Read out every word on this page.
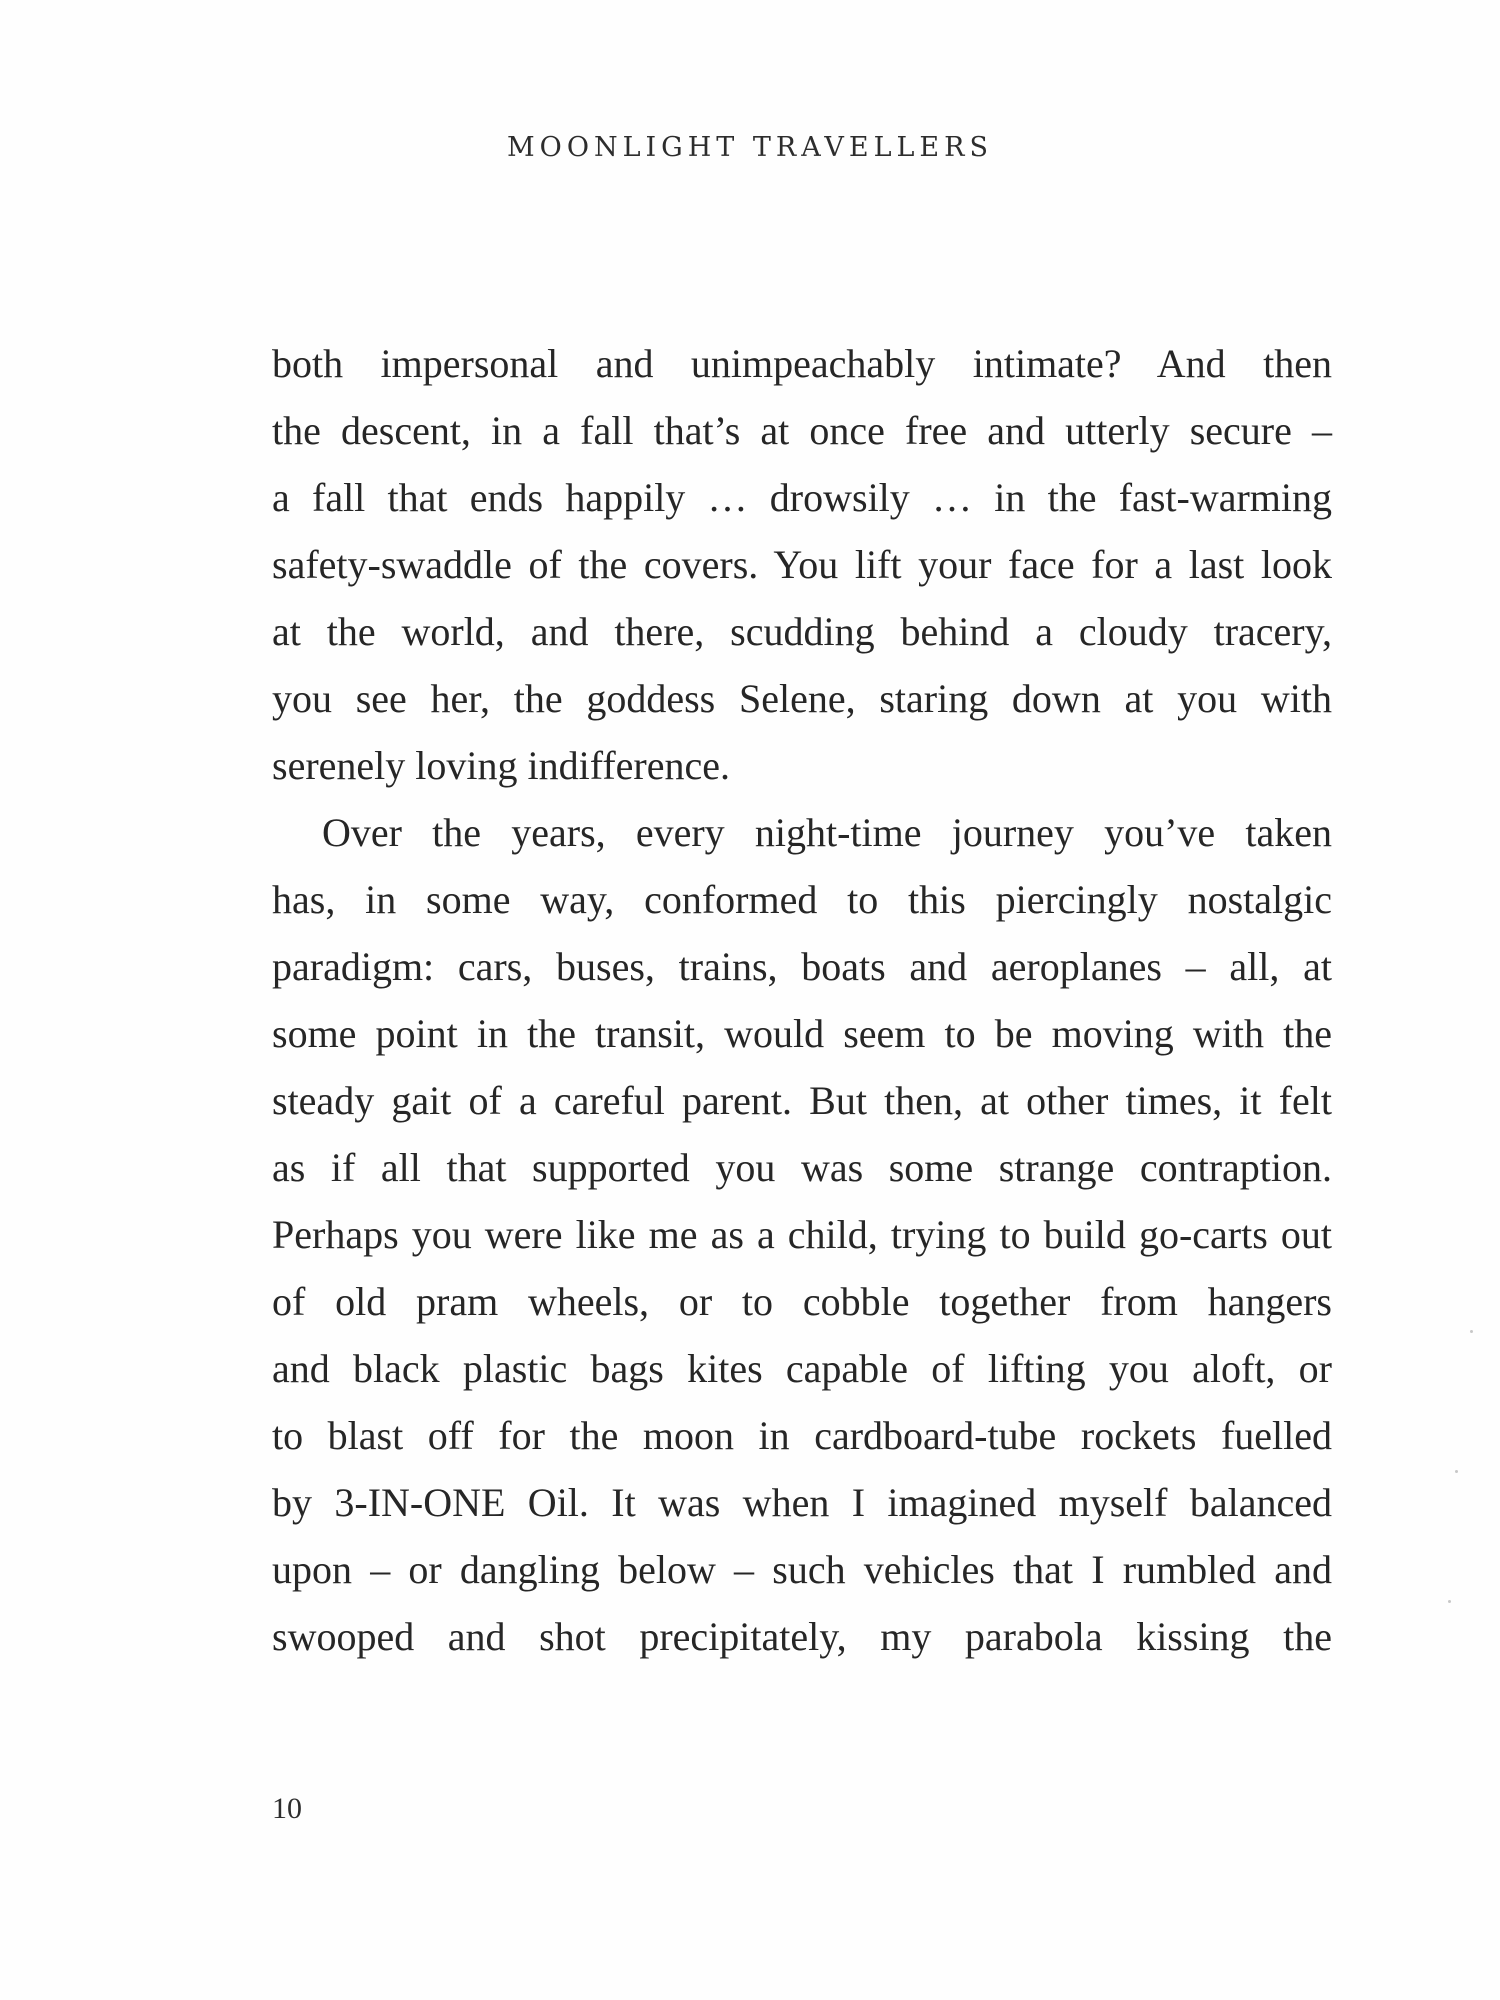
MOONLIGHT TRAVELLERS
both impersonal and unimpeachably intimate? And then
the descent, in a fall that’s at once free and utterly secure –
a fall that ends happily … drowsily … in the fast-warming
safety-swaddle of the covers. You lift your face for a last look
at the world, and there, scudding behind a cloudy tracery,
you see her, the goddess Selene, staring down at you with
serenely loving indifference.
Over the years, every night-time journey you’ve taken
has, in some way, conformed to this piercingly nostalgic
paradigm: cars, buses, trains, boats and aeroplanes – all, at
some point in the transit, would seem to be moving with the
steady gait of a careful parent. But then, at other times, it felt
as if all that supported you was some strange contraption.
Perhaps you were like me as a child, trying to build go-carts out
of old pram wheels, or to cobble together from hangers
and black plastic bags kites capable of lifting you aloft, or
to blast off for the moon in cardboard-tube rockets fuelled
by 3-IN-ONE Oil. It was when I imagined myself balanced
upon – or dangling below – such vehicles that I rumbled and
swooped and shot precipitately, my parabola kissing the
10
